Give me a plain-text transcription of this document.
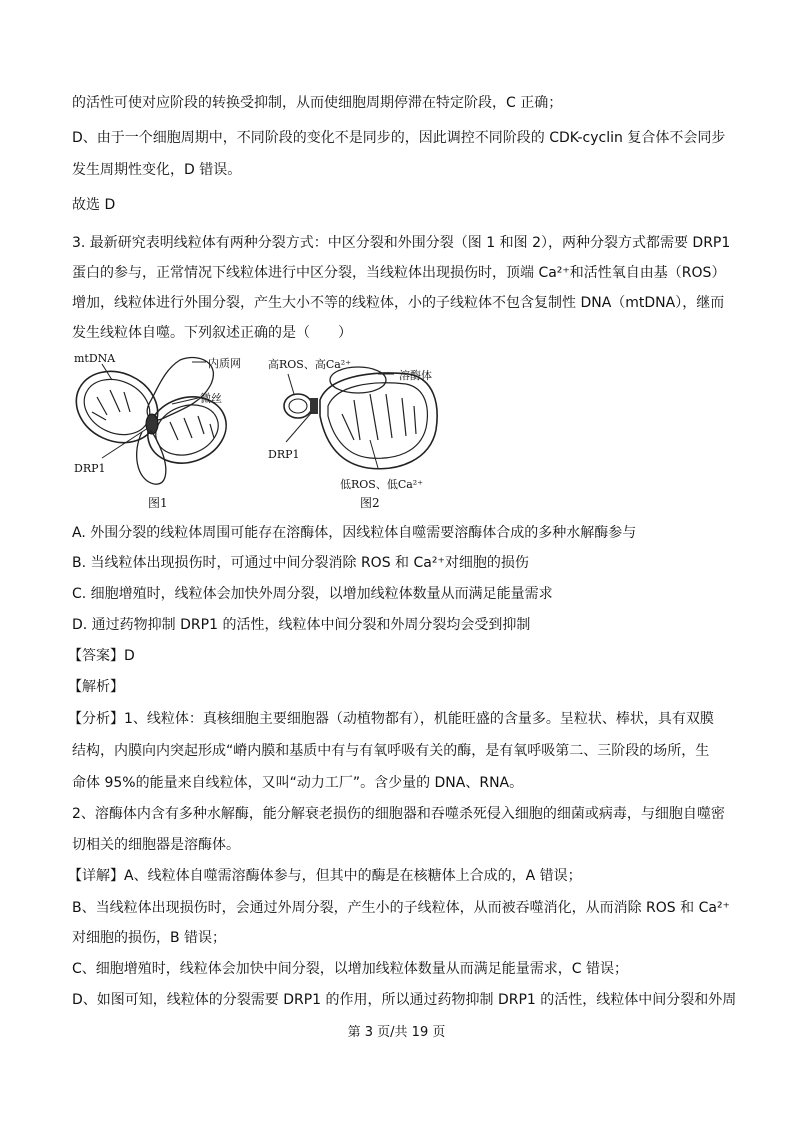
的活性可使对应阶段的转换受抑制，从而使细胞周期停滞在特定阶段，C 正确；
D、由于一个细胞周期中，不同阶段的变化不是同步的，因此调控不同阶段的 CDK-cyclin 复合体不会同步
发生周期性变化，D 错误。
故选 D
3. 最新研究表明线粒体有两种分裂方式：中区分裂和外围分裂（图 1 和图 2），两种分裂方式都需要 DRP1
蛋白的参与，正常情况下线粒体进行中区分裂，当线粒体出现损伤时，顶端 Ca²⁺和活性氧自由基（ROS）
增加，线粒体进行外围分裂，产生大小不等的线粒体，小的子线粒体不包含复制性 DNA（mtDNA），继而
发生线粒体自噬。下列叙述正确的是（　　）
mtDNA	内质网
微丝
DRP1
图1
高ROS、高Ca²⁺
溶酶体
DRP1
低ROS、低Ca²⁺
图2
A. 外围分裂的线粒体周围可能存在溶酶体，因线粒体自噬需要溶酶体合成的多种水解酶参与
B. 当线粒体出现损伤时，可通过中间分裂消除 ROS 和 Ca²⁺对细胞的损伤
C. 细胞增殖时，线粒体会加快外周分裂，以增加线粒体数量从而满足能量需求
D. 通过药物抑制 DRP1 的活性，线粒体中间分裂和外周分裂均会受到抑制
【答案】D
【解析】
【分析】1、线粒体：真核细胞主要细胞器（动植物都有），机能旺盛的含量多。呈粒状、棒状，具有双膜
结构，内膜向内突起形成“嵴内膜和基质中有与有氧呼吸有关的酶，是有氧呼吸第二、三阶段的场所，生
命体 95%的能量来自线粒体，又叫“动力工厂”。含少量的 DNA、RNA。
2、溶酶体内含有多种水解酶，能分解衰老损伤的细胞器和吞噬杀死侵入细胞的细菌或病毒，与细胞自噬密
切相关的细胞器是溶酶体。
【详解】A、线粒体自噬需溶酶体参与，但其中的酶是在核糖体上合成的，A 错误；
B、当线粒体出现损伤时，会通过外周分裂，产生小的子线粒体，从而被吞噬消化，从而消除 ROS 和 Ca²⁺
对细胞的损伤，B 错误；
C、细胞增殖时，线粒体会加快中间分裂，以增加线粒体数量从而满足能量需求，C 错误；
D、如图可知，线粒体的分裂需要 DRP1 的作用，所以通过药物抑制 DRP1 的活性，线粒体中间分裂和外周
第 3 页/共 19 页
